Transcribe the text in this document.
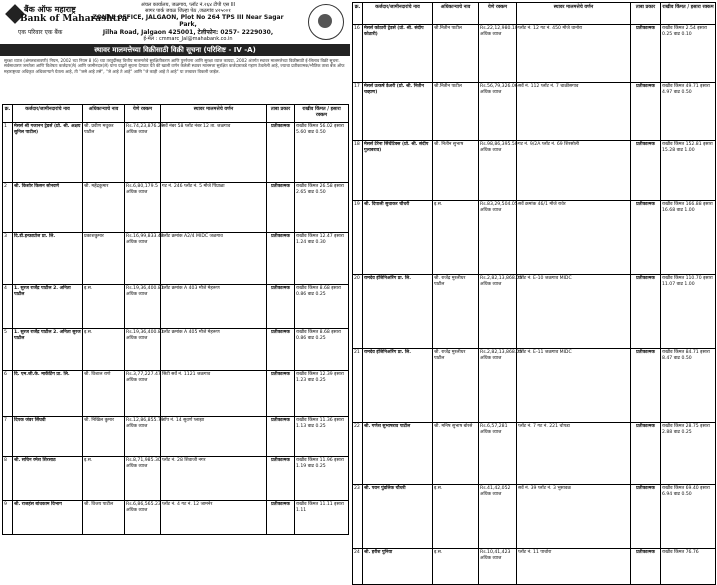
बैंक ऑफ महाराष्ट्र
Bank of Maharashtra
एक परिवार एक बैंक
अंचल कार्यालय, जळगाव, प्लॉट नं.२६४ टीपी एस III
सागर पार्क जवळ जिल्हा पेठ ,जळगांव ४२५००१
ZONAL OFFICE, JALGAON, Plot No 264 TPS III Near Sagar Park,
Jilha Road, Jalgaon 425001, टेलीफोन: 0257- 2229030,
ई-मेल : cmmarc_Jal@mahabank.co.in
स्थावर मालमत्तेच्या विक्रीसाठी विक्री सूचना (परिशिष्ट - IV -A)
सुरक्षा व्याज (अंमलबजावणी) नियम, 2002 च्या नियम 8 (6) च्या तरतुदींसह वित्तीय मालमत्तेचे सुरक्षितीकरण आणि पुनर्रचना आणि सुरक्षा व्याज कायदा, 2002 अंतर्गत स्थावर मालमत्तेच्या विक्रीसाठी ई-लिलाव विक्री सूचना. सर्वसाधारण जनतेला आणि विशेषतः कर्जदार(ले) आणि जामीनदार(ले) यांना याद्वारे सूचना देण्यात येते की खाली वर्णन केलेली स्थावर मालमत्ता सुरक्षित कर्जदाराकडे गहाण ठेवलेली आहे, ज्याचा प्रतीकात्मक/भौतिक ताबा बँक ऑफ महाराष्ट्रच्या अधिकृत अधिकाऱ्याने घेतला आहे, ती "जसे आहे तसे", "जे आहे ते आहे" आणि "जे काही आहे ते आहे" या तत्त्वावर विकली जाईल.
क्र.	कर्जदार/जामीनदारांचे नाव	अधिकाऱ्याचे नाव	येणे रक्कम	स्थावर मालमत्तेचे वर्णन	ताबा प्रकार	राखीव किंमत / इसारा रक्कम
1	मेसर्स श्री गजानन ट्रेडर्स (प्रो. श्री. अक्षय सुनिल पाटील)	श्री. प्रवीण मधुकर पाटील	Rs.74,23,876.29 अधिक व्याज	सर्वे नंबर 58 प्लॉट नंबर 12 ता. जळगाव	प्रतीकात्मक	राखीव किंमत 56.02 इसारा 5.60 वाढ 0.50
2	श्री. किशोर किसन सोनवणे	श्री. महेंद्रकुमार	Rs.6,80,179.5 अधिक व्याज	गट नं. 246 प्लॉट नं. 5 मौजे पिंप्राळा	प्रतीकात्मक	राखीव किंमत 26.58 इसारा 2.65 वाढ 0.50
3	दि.डी.इन्फ्राप्रोज प्रा. लि.	प्रकाशकुमार	Rs.16,99,833.48 अधिक व्याज	प्लॉट क्रमांक A2/4 MIDC जळगाव	प्रतीकात्मक	राखीव किंमत 12.47 इसारा 1.24 वाढ 0.30
4	1. सुरज राजेंद्र पाटील 2. अनिता पाटील	इ.स.	Rs.19,36,400.81 अधिक व्याज	प्लॉट क्रमांक A 403 मौजे मेहरूण	प्रतीकात्मक	राखीव किंमत 8.68 इसारा 0.86 वाढ 0.25
5	1. सुरज राजेंद्र पाटील 2. अनिता सुरज पाटील	इ.स.	Rs.19,36,400.81 अधिक व्याज	प्लॉट क्रमांक A 405 मौजे मेहरूण	प्रतीकात्मक	राखीव किंमत 8.68 इसारा 0.86 वाढ 0.25
6	दि. एम.जी.के. मार्केटिंग प्रा. लि.	श्री. विशाल राणे	Rs.3,77,227.47 अधिक व्याज	सिटी सर्वे नं. 1121 जळगाव	प्रतीकात्मक	राखीव किंमत 12.39 इसारा 1.23 वाढ 0.25
7	दिपक जंवर सिंघवी	श्री. निखिल कुमार	Rs.12,86,855.79 अधिक व्याज	शॉप नं. 14 सुवर्ण प्लाझा	प्रतीकात्मक	राखीव किंमत 11.36 इसारा 1.13 वाढ 0.25
8	श्री. सचिन रमेश शिरसाठ	इ.स.	Rs.8,71,985.30 अधिक व्याज	प्लॉट नं. 28 शिवाजी नगर	प्रतीकात्मक	राखीव किंमत 11.96 इसारा 1.19 वाढ 0.25
9	श्री. राजहंस बांधकाम विभाग	श्री. विजय पाटील	Rs.6,86,565.23 अधिक व्याज	प्लॉट नं. 4 गट नं. 12 जामनेर	प्रतीकात्मक	राखीव किंमत 11.11 इसारा 1.11
क्र.	कर्जदार/जामीनदारांचे नाव	अधिकाऱ्याचे नाव	येणे रक्कम	स्थावर मालमत्तेचे वर्णन	ताबा प्रकार	राखीव किंमत / इसारा रक्कम
16	मेसर्स कोठारी ट्रेडर्स (प्रो. श्री. संदीप कोठारी)	श्री.नितीन पाटील	Rs.22,12,980.10 अधिक व्याज	प्लॉट नं. 12 गट नं. 450 मौजे धानोरा	प्रतीकात्मक	राखीव किंमत 2.54 इसारा 0.25 वाढ 0.10
17	मेसर्स उत्कर्ष डेअरी (प्रो. श्री. नितीन चव्हाण)	श्री.नितीन पाटील	Rs.56,79,326.06 अधिक व्याज	सर्वे नं. 112 प्लॉट नं. 7 चाळीसगाव	प्रतीकात्मक	राखीव किंमत 49.71 इसारा 4.97 वाढ 0.50
18	मेसर्स टेरेना सिंथेटिक्स (प्रो. श्री. संदीप गुलाबराव)	श्री. नितीन सुभाष	Rs.98,86,395.50 अधिक व्याज	गट नं. 9/2A प्लॉट नं. 69 शिरसोली	प्रतीकात्मक	राखीव किंमत 152.81 इसारा 15.28 वाढ 1.00
19	श्री. दिपाली सुधाकर चौधरी	इ.स.	Rs.83,29,504.05 अधिक व्याज	सर्वे क्रमांक 46/1 मौजे रावेर	प्रतीकात्मक	राखीव किंमत 166.88 इसारा 16.68 वाढ 1.00
20	रामदेव इंजिनिअरिंग प्रा. लि.	श्री. राजेंद्र मुरलीधर पाटील	Rs.2,82,13,868.05 अधिक व्याज	प्लॉट नं. E-10 जळगाव MIDC	प्रतीकात्मक	राखीव किंमत 110.70 इसारा 11.07 वाढ 1.00
21	रामदेव इंजिनिअरिंग प्रा. लि.	श्री. राजेंद्र मुरलीधर पाटील	Rs.2,82,13,868.05 अधिक व्याज	प्लॉट नं. E-11 जळगाव MIDC	प्रतीकात्मक	राखीव किंमत 84.71 इसारा 8.47 वाढ 0.50
22	श्री. गणेश सुभाषराव पाटील	श्री. मनिष सुभाष बोरसे	Rs.6,57,281 अधिक व्याज	प्लॉट नं. 7 गट नं. 221 चोपडा	प्रतीकात्मक	राखीव किंमत 28.75 इसारा 2.88 वाढ 0.25
23	श्री. पवन पुंडलिक चौधरी	इ.स.	Rs.41,42,052 अधिक व्याज	सर्वे नं. 39 प्लॉट नं. 3 भुसावळ	प्रतीकात्मक	राखीव किंमत 69.40 इसारा 6.94 वाढ 0.50
24	श्री. हरीश पुनिया	इ.स.	Rs.10,41,423 अधिक व्याज	प्लॉट नं. 11 पाचोरा	प्रतीकात्मक	राखीव किंमत 76.76
